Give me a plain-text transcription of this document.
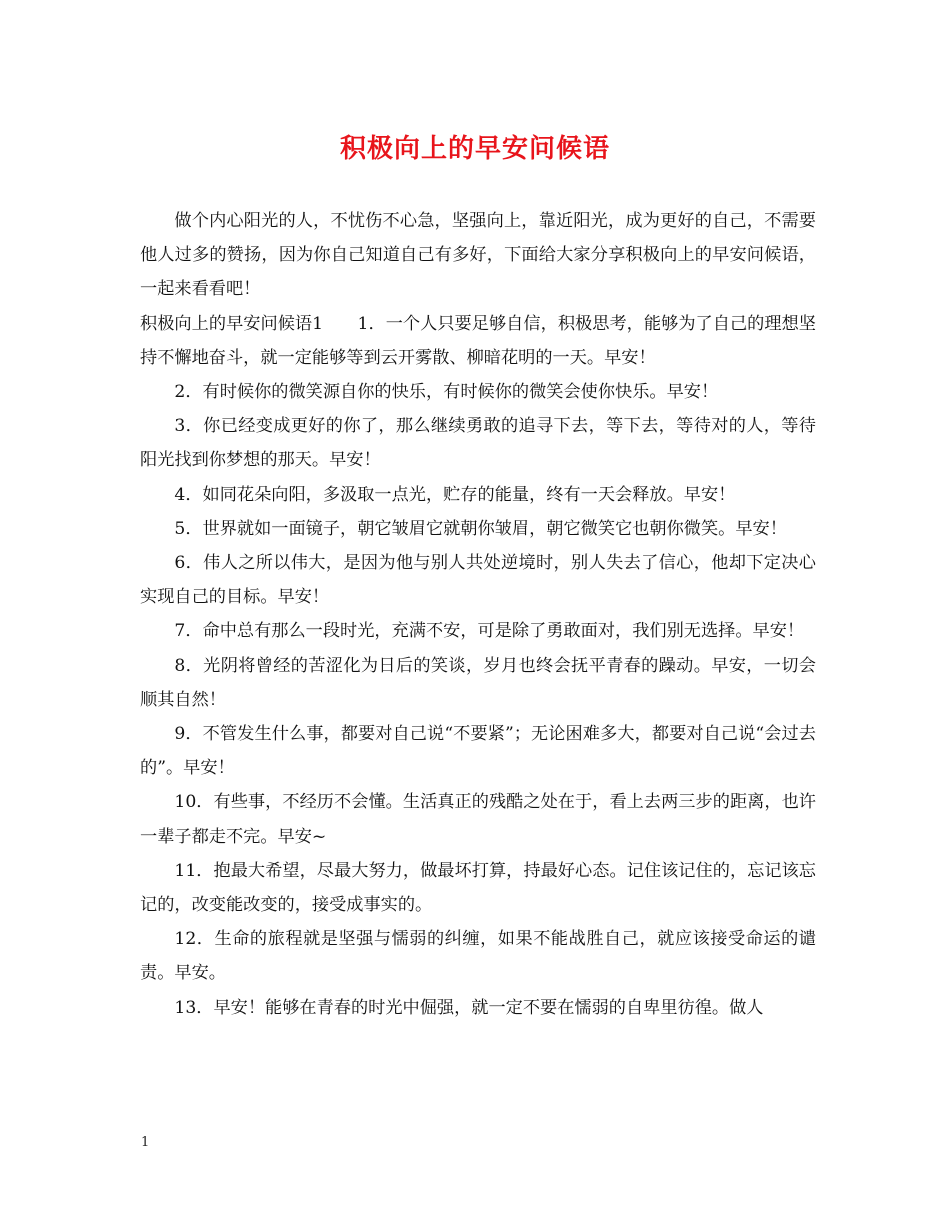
积极向上的早安问候语

做个内心阳光的人，不忧伤不心急，坚强向上，靠近阳光，成为更好的自己，不需要他人过多的赞扬，因为你自己知道自己有多好，下面给大家分享积极向上的早安问候语，一起来看看吧！

积极向上的早安问候语1　　1．一个人只要足够自信，积极思考，能够为了自己的理想坚持不懈地奋斗，就一定能够等到云开雾散、柳暗花明的一天。早安！

2．有时候你的微笑源自你的快乐，有时候你的微笑会使你快乐。早安！

3．你已经变成更好的你了，那么继续勇敢的追寻下去，等下去，等待对的人，等待阳光找到你梦想的那天。早安！

4．如同花朵向阳，多汲取一点光，贮存的能量，终有一天会释放。早安！

5．世界就如一面镜子，朝它皱眉它就朝你皱眉，朝它微笑它也朝你微笑。早安！

6．伟人之所以伟大，是因为他与别人共处逆境时，别人失去了信心，他却下定决心实现自己的目标。早安！

7．命中总有那么一段时光，充满不安，可是除了勇敢面对，我们别无选择。早安！

8．光阴将曾经的苦涩化为日后的笑谈，岁月也终会抚平青春的躁动。早安，一切会顺其自然！

9．不管发生什么事，都要对自己说“不要紧”；无论困难多大，都要对自己说“会过去的”。早安！

10．有些事，不经历不会懂。生活真正的残酷之处在于，看上去两三步的距离，也许一辈子都走不完。早安~

11．抱最大希望，尽最大努力，做最坏打算，持最好心态。记住该记住的，忘记该忘记的，改变能改变的，接受成事实的。

12．生命的旅程就是坚强与懦弱的纠缠，如果不能战胜自己，就应该接受命运的谴责。早安。

13．早安！能够在青春的时光中倔强，就一定不要在懦弱的自卑里彷徨。做人

1
